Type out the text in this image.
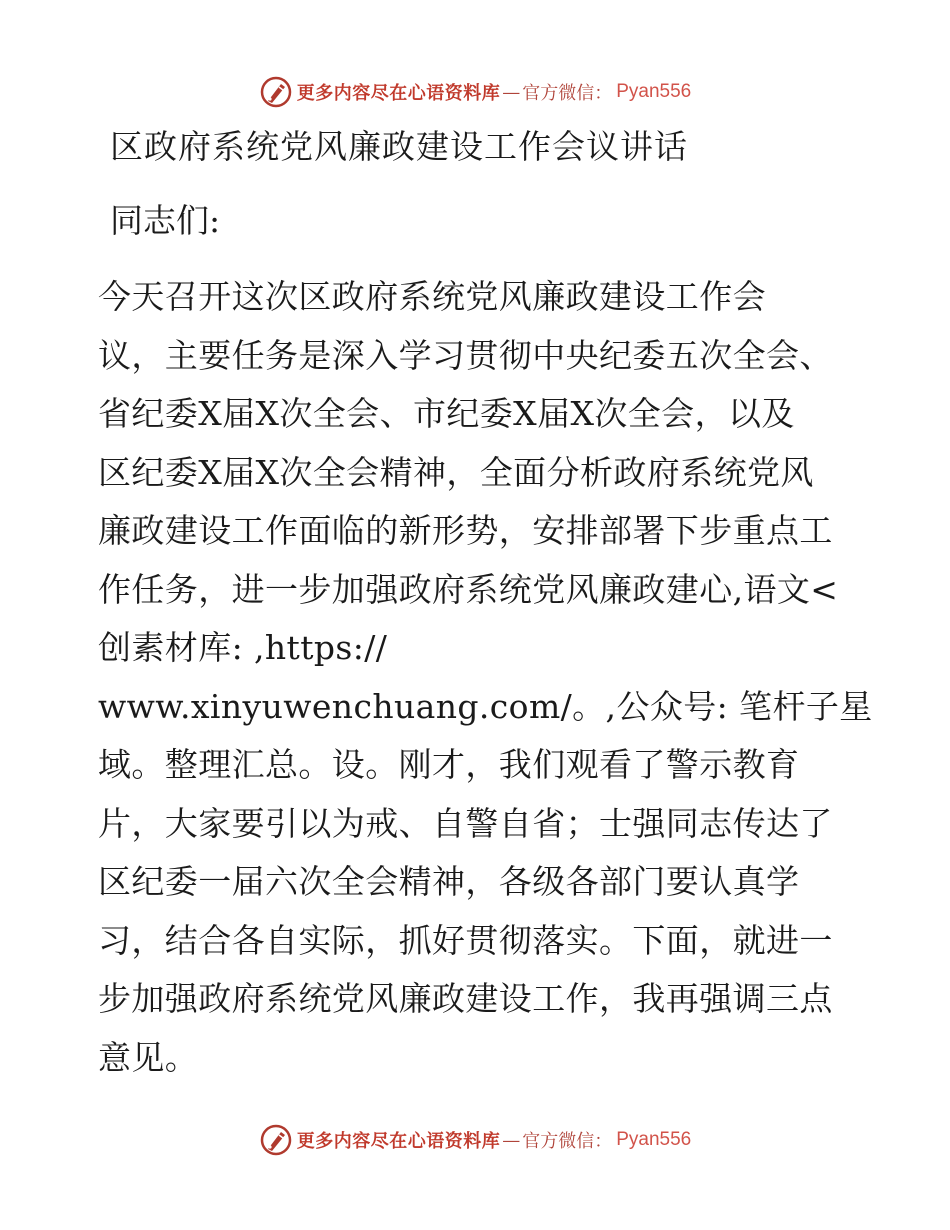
更多内容尽在心语资料库 — 官方微信： Pyan556
区政府系统党风廉政建设工作会议讲话
同志们:
今天召开这次区政府系统党风廉政建设工作会
议，主要任务是深入学习贯彻中央纪委五次全会、
省纪委X届X次全会、市纪委X届X次全会，以及
区纪委X届X次全会精神，全面分析政府系统党风
廉政建设工作面临的新形势，安排部署下步重点工
作任务，进一步加强政府系统党风廉政建心,语文<
创素材库: ,https://
www.xinyuwenchuang.com/。,公众号: 笔杆子星
域。整理汇总。设。刚才，我们观看了警示教育
片，大家要引以为戒、自警自省；士强同志传达了
区纪委一届六次全会精神，各级各部门要认真学
习，结合各自实际，抓好贯彻落实。下面，就进一
步加强政府系统党风廉政建设工作，我再强调三点
意见。
更多内容尽在心语资料库 — 官方微信： Pyan556
